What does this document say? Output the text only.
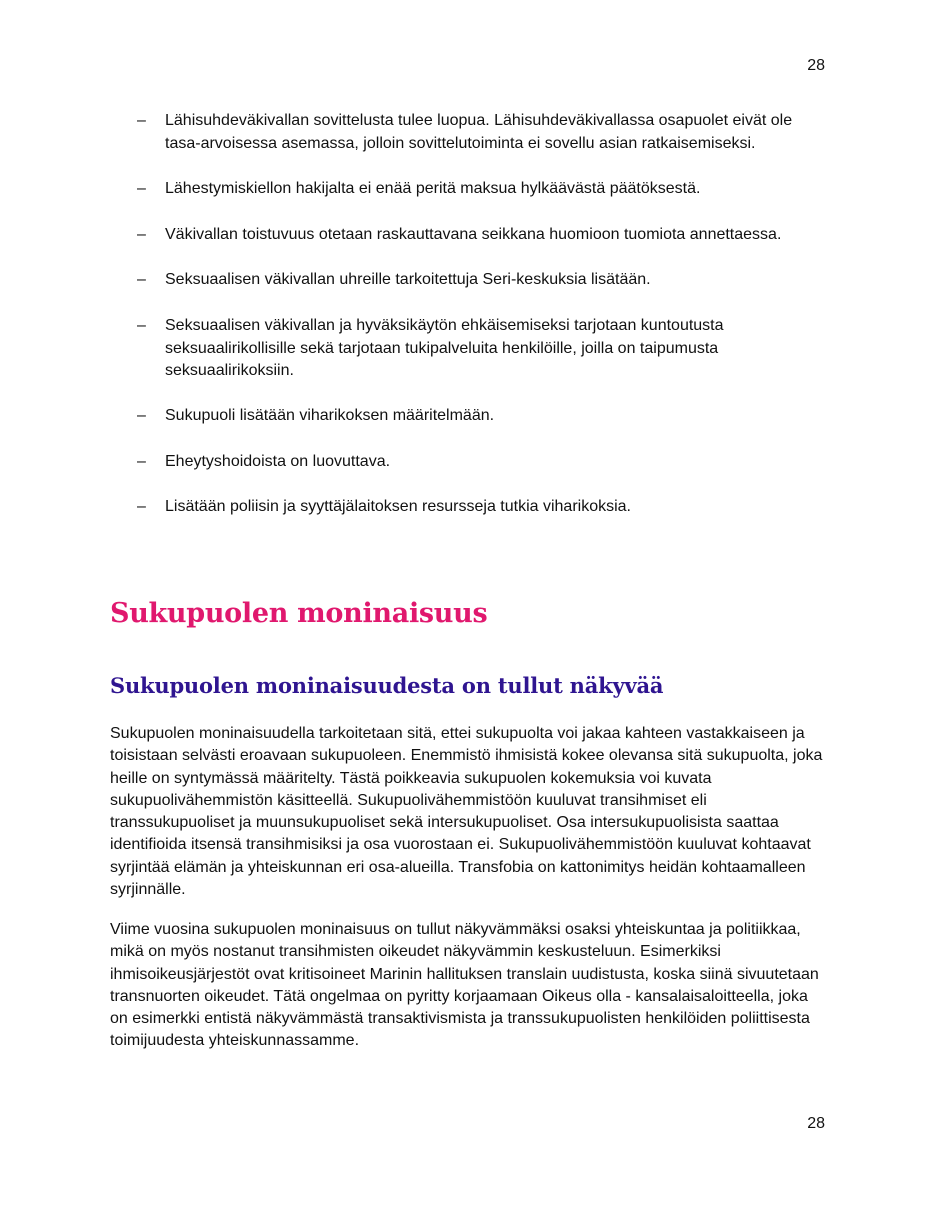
28
– Lähisuhdeväkivallan sovittelusta tulee luopua. Lähisuhdeväkivallassa osapuolet eivät ole tasa-arvoisessa asemassa, jolloin sovittelutoiminta ei sovellu asian ratkaisemiseksi.
– Lähestymiskiellon hakijalta ei enää peritä maksua hylkäävästä päätöksestä.
– Väkivallan toistuvuus otetaan raskauttavana seikkana huomioon tuomiota annettaessa.
– Seksuaalisen väkivallan uhreille tarkoitettuja Seri-keskuksia lisätään.
– Seksuaalisen väkivallan ja hyväksikäytön ehkäisemiseksi tarjotaan kuntoutusta seksuaalirikollisille sekä tarjotaan tukipalveluita henkilöille, joilla on taipumusta seksuaalirikoksiin.
– Sukupuoli lisätään viharikoksen määritelmään.
– Eheytyshoidoista on luovuttava.
– Lisätään poliisin ja syyttäjälaitoksen resursseja tutkia viharikoksia.
Sukupuolen moninaisuus
Sukupuolen moninaisuudesta on tullut näkyvää

Sukupuolen moninaisuudella tarkoitetaan sitä, ettei sukupuolta voi jakaa kahteen vastakkaiseen ja toisistaan selvästi eroavaan sukupuoleen. Enemmistö ihmisistä kokee olevansa sitä sukupuolta, joka heille on syntymässä määritelty. Tästä poikkeavia sukupuolen kokemuksia voi kuvata sukupuolivähemmistön käsitteellä. Sukupuolivähemmistöön kuuluvat transihmiset eli transsukupuoliset ja muunsukupuoliset sekä intersukupuoliset. Osa intersukupuolisista saattaa identifioida itsensä transihmisiksi ja osa vuorostaan ei. Sukupuolivähemmistöön kuuluvat kohtaavat syrjintää elämän ja yhteiskunnan eri osa-alueilla. Transfobia on kattonimitys heidän kohtaamalleen syrjinnälle.

Viime vuosina sukupuolen moninaisuus on tullut näkyvämmäksi osaksi yhteiskuntaa ja politiikkaa, mikä on myös nostanut transihmisten oikeudet näkyvämmin keskusteluun. Esimerkiksi ihmisoikeusjärjestöt ovat kritisoineet Marinin hallituksen translain uudistusta, koska siinä sivuutetaan transnuorten oikeudet. Tätä ongelmaa on pyritty korjaamaan Oikeus olla - kansalaisaloitteella, joka on esimerkki entistä näkyvämmästä transaktivismista ja transsukupuolisten henkilöiden poliittisesta toimijuudesta yhteiskunnassamme.

28
